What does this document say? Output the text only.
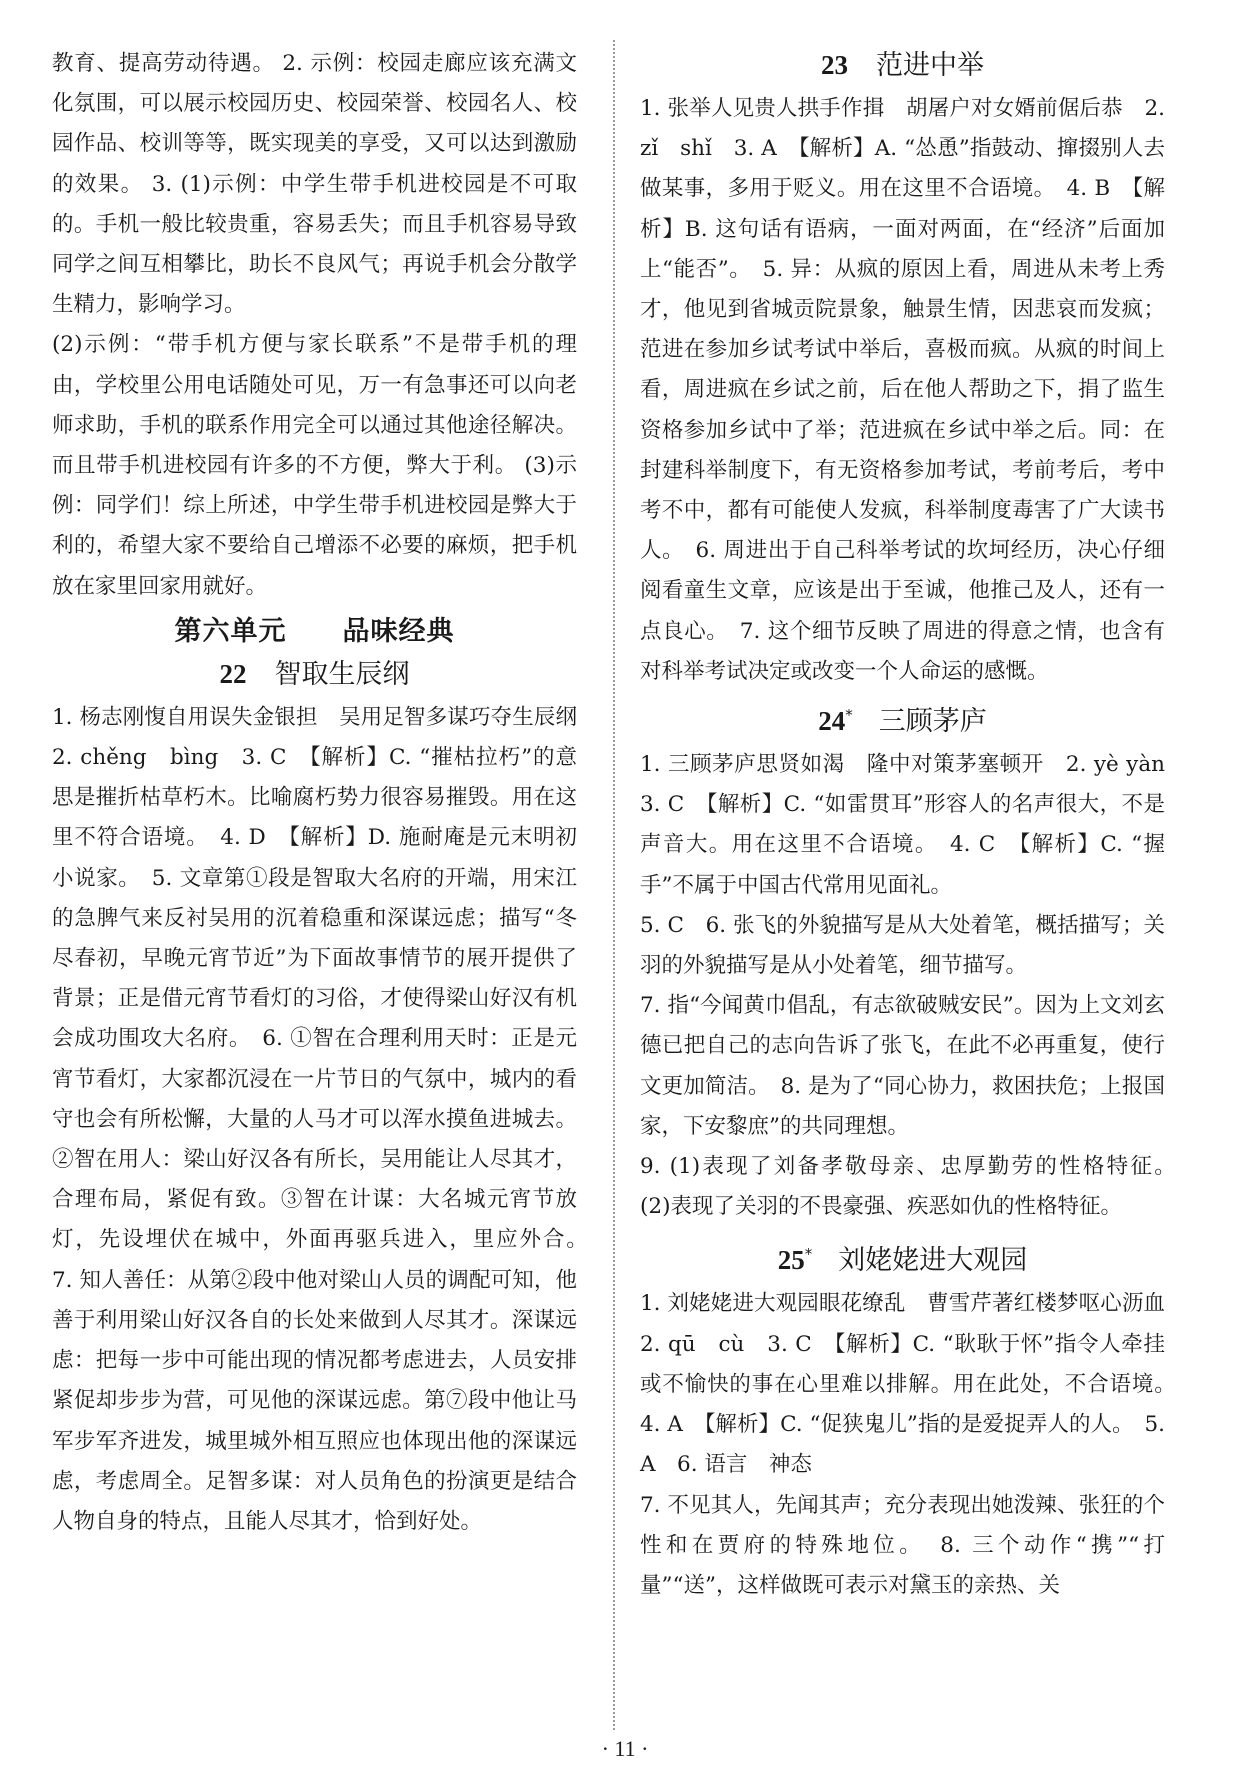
教育、提高劳动待遇。 2. 示例：校园走廊应该充满文化氛围，可以展示校园历史、校园荣誉、校园名人、校园作品、校训等等，既实现美的享受，又可以达到激励的效果。 3. (1)示例：中学生带手机进校园是不可取的。手机一般比较贵重，容易丢失；而且手机容易导致同学之间互相攀比，助长不良风气；再说手机会分散学生精力，影响学习。

(2)示例：“带手机方便与家长联系”不是带手机的理由，学校里公用电话随处可见，万一有急事还可以向老师求助，手机的联系作用完全可以通过其他途径解决。而且带手机进校园有许多的不方便，弊大于利。 (3)示例：同学们！综上所述，中学生带手机进校园是弊大于利的，希望大家不要给自己增添不必要的麻烦，把手机放在家里回家用就好。

第六单元　　品味经典
22 智取生辰纲

1. 杨志刚愎自用误失金银担　吴用足智多谋巧夺生辰纲　2. chěng　bìng　3. C　【解析】C. “摧枯拉朽”的意思是摧折枯草朽木。比喻腐朽势力很容易摧毁。用在这里不符合语境。　4. D　【解析】D. 施耐庵是元末明初小说家。　5. 文章第①段是智取大名府的开端，用宋江的急脾气来反衬吴用的沉着稳重和深谋远虑；描写“冬尽春初，早晚元宵节近”为下面故事情节的展开提供了背景；正是借元宵节看灯的习俗，才使得梁山好汉有机会成功围攻大名府。　6. ①智在合理利用天时：正是元宵节看灯，大家都沉浸在一片节日的气氛中，城内的看守也会有所松懈，大量的人马才可以浑水摸鱼进城去。②智在用人：梁山好汉各有所长，吴用能让人尽其才，合理布局，紧促有致。③智在计谋：大名城元宵节放灯，先设埋伏在城中，外面再驱兵进入，里应外合。　7. 知人善任：从第②段中他对梁山人员的调配可知，他善于利用梁山好汉各自的长处来做到人尽其才。深谋远虑：把每一步中可能出现的情况都考虑进去，人员安排紧促却步步为营，可见他的深谋远虑。第⑦段中他让马军步军齐进发，城里城外相互照应也体现出他的深谋远虑，考虑周全。足智多谋：对人员角色的扮演更是结合人物自身的特点，且能人尽其才，恰到好处。

23 范进中举

1. 张举人见贵人拱手作揖　胡屠户对女婿前倨后恭　2. zǐ　shǐ　3. A　【解析】A. “怂恿”指鼓动、撺掇别人去做某事，多用于贬义。用在这里不合语境。　4. B　【解析】B. 这句话有语病，一面对两面，在“经济”后面加上“能否”。　5. 异：从疯的原因上看，周进从未考上秀才，他见到省城贡院景象，触景生情，因悲哀而发疯；范进在参加乡试考试中举后，喜极而疯。从疯的时间上看，周进疯在乡试之前，后在他人帮助之下，捐了监生资格参加乡试中了举；范进疯在乡试中举之后。同：在封建科举制度下，有无资格参加考试，考前考后，考中考不中，都有可能使人发疯，科举制度毒害了广大读书人。　6. 周进出于自己科举考试的坎坷经历，决心仔细阅看童生文章，应该是出于至诚，他推己及人，还有一点良心。　7. 这个细节反映了周进的得意之情，也含有对科举考试决定或改变一个人命运的感慨。

24* 三顾茅庐

1. 三顾茅庐思贤如渴　隆中对策茅塞顿开　2. yè yàn　3. C　【解析】C. “如雷贯耳”形容人的名声很大，不是声音大。用在这里不合语境。　4. C　【解析】C. “握手”不属于中国古代常用见面礼。

5. C　6. 张飞的外貌描写是从大处着笔，概括描写；关羽的外貌描写是从小处着笔，细节描写。

7. 指“今闻黄巾倡乱，有志欲破贼安民”。因为上文刘玄德已把自己的志向告诉了张飞，在此不必再重复，使行文更加简洁。　8. 是为了“同心协力，救困扶危；上报国家，下安黎庶”的共同理想。

9. (1)表现了刘备孝敬母亲、忠厚勤劳的性格特征。　(2)表现了关羽的不畏豪强、疾恶如仇的性格特征。

25* 刘姥姥进大观园

1. 刘姥姥进大观园眼花缭乱　曹雪芹著红楼梦呕心沥血　2. qū　cù　3. C　【解析】C. “耿耿于怀”指令人牵挂或不愉快的事在心里难以排解。用在此处，不合语境。　4. A　【解析】C. “促狭鬼儿”指的是爱捉弄人的人。　5. A　6. 语言　神态

7. 不见其人，先闻其声；充分表现出她泼辣、张狂的个性和在贾府的特殊地位。　8. 三个动作“携”“打量”“送”，这样做既可表示对黛玉的亲热、关

· 11 ·
